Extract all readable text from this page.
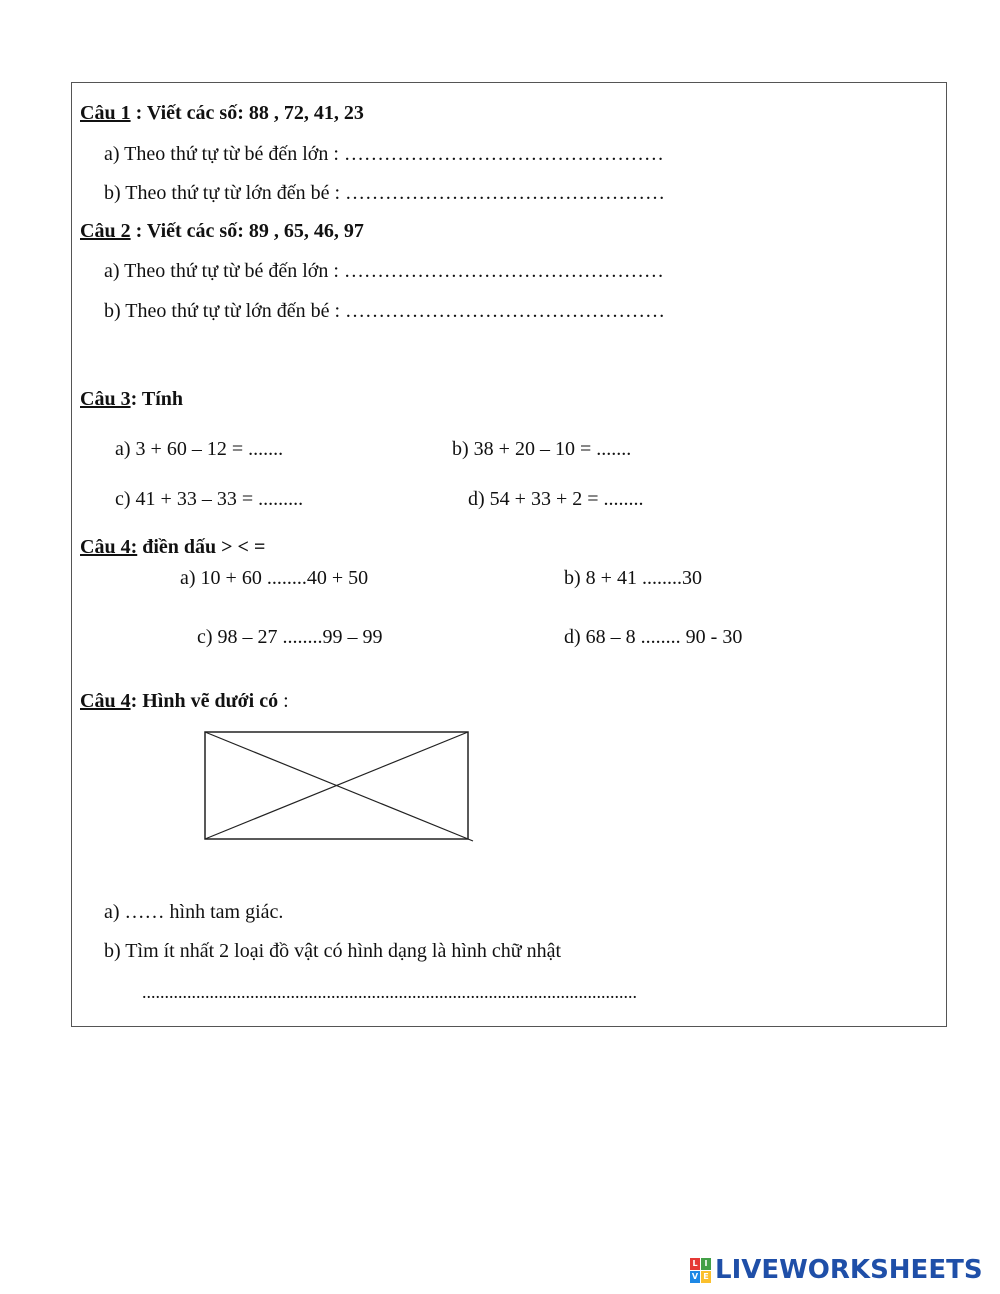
Câu 1 : Viết các số: 88 , 72, 41, 23
a) Theo thứ tự từ bé đến lớn : …………………………………………
b) Theo thứ tự từ lớn đến bé : …………………………………………
Câu 2 : Viết các số: 89 , 65, 46, 97
a) Theo thứ tự từ bé đến lớn : …………………………………………
b) Theo thứ tự từ lớn đến bé : …………………………………………
Câu 3: Tính
a) 3 + 60 – 12 = .......	b) 38 + 20 – 10 = .......
c) 41 + 33 – 33 = .........	d) 54 + 33 + 2 = ........
Câu 4: điền dấu > < =
a) 10 + 60 ........40 + 50	b) 8 + 41 ........30
c) 98 – 27 ........99 – 99	d) 68 – 8 ........ 90 - 30
Câu 4: Hình vẽ dưới có :
a) …… hình tam giác.
b) Tìm ít nhất 2 loại đồ vật có hình dạng là hình chữ nhật
..............................................................................................................
L I
V E LIVEWORKSHEETS
